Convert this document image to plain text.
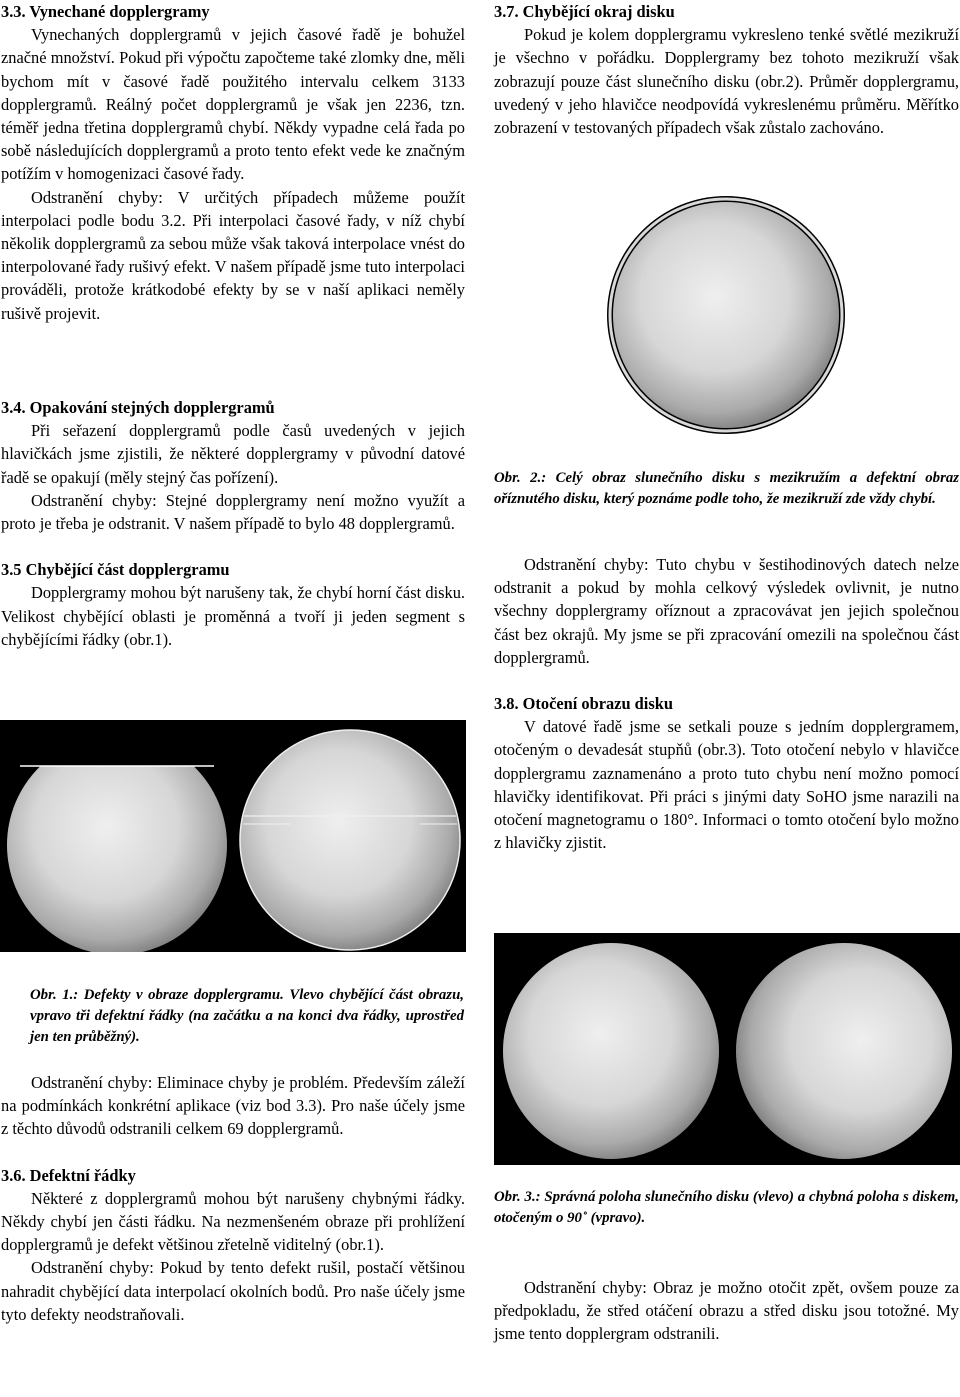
3.3. Vynechané dopplergramy

Vynechaných dopplergramů v jejich časové řadě je bohužel značné množství. Pokud při výpočtu započteme také zlomky dne, měli bychom mít v časové řadě použitého intervalu celkem 3133 dopplergramů. Reálný počet dopplergramů je však jen 2236, tzn. téměř jedna třetina dopplergramů chybí. Někdy vypadne celá řada po sobě následujících dopplergramů a proto tento efekt vede ke značným potížím v homogenizaci časové řady.

Odstranění chyby: V určitých případech můžeme použít interpolaci podle bodu 3.2. Při interpolaci časové řady, v níž chybí několik dopplergramů za sebou může však taková interpolace vnést do interpolované řady rušivý efekt. V našem případě jsme tuto interpolaci prováděli, protože krátkodobé efekty by se v naší aplikaci neměly rušivě projevit.

3.4. Opakování stejných dopplergramů

Při seřazení dopplergramů podle časů uvedených v jejich hlavičkách jsme zjistili, že některé dopplergramy v původní datové řadě se opakují (měly stejný čas pořízení).

Odstranění chyby: Stejné dopplergramy není možno využít a proto je třeba je odstranit. V našem případě to bylo 48 dopplergramů.

3.5 Chybějící část dopplergramu

Dopplergramy mohou být narušeny tak, že chybí horní část disku. Velikost chybějící oblasti je proměnná a tvoří ji jeden segment s chybějícími řádky (obr.1).

Obr. 1.: Defekty v obraze dopplergramu. Vlevo chybějící část obrazu, vpravo tři defektní řádky (na začátku a na konci dva řádky, uprostřed jen ten průběžný).

Odstranění chyby: Eliminace chyby je problém. Především záleží na podmínkách konkrétní aplikace (viz bod 3.3). Pro naše účely jsme z těchto důvodů odstranili celkem 69 dopplergramů.

3.6. Defektní řádky

Některé z dopplergramů mohou být narušeny chybnými řádky. Někdy chybí jen části řádku. Na nezmenšeném obraze při prohlížení dopplergramů je defekt většinou zřetelně viditelný (obr.1).

Odstranění chyby: Pokud by tento defekt rušil, postačí většinou nahradit chybějící data interpolací okolních bodů. Pro naše účely jsme tyto defekty neodstraňovali.

3.7. Chybějící okraj disku

Pokud je kolem dopplergramu vykresleno tenké světlé mezikruží je všechno v pořádku. Dopplergramy bez tohoto mezikruží však zobrazují pouze část slunečního disku (obr.2). Průměr dopplergramu, uvedený v jeho hlavičce neodpovídá vykreslenému průměru. Měřítko zobrazení v testovaných případech však zůstalo zachováno.

Obr. 2.: Celý obraz slunečního disku s mezikružím a defektní obraz oříznutého disku, který poznáme podle toho, že mezikruží zde vždy chybí.

Odstranění chyby: Tuto chybu v šestihodinových datech nelze odstranit a pokud by mohla celkový výsledek ovlivnit, je nutno všechny dopplergramy oříznout a zpracovávat jen jejich společnou část bez okrajů. My jsme se při zpracování omezili na společnou část dopplergramů.

3.8. Otočení obrazu disku

V datové řadě jsme se setkali pouze s jedním dopplergramem, otočeným o devadesát stupňů (obr.3). Toto otočení nebylo v hlavičce dopplergramu zaznamenáno a proto tuto chybu není možno pomocí hlavičky identifikovat. Při práci s jinými daty SoHO jsme narazili na otočení magnetogramu o 180°. Informaci o tomto otočení bylo možno z hlavičky zjistit.

Obr. 3.: Správná poloha slunečního disku (vlevo) a chybná poloha s diskem, otočeným o 90˚ (vpravo).

Odstranění chyby: Obraz je možno otočit zpět, ovšem pouze za předpokladu, že střed otáčení obrazu a střed disku jsou totožné. My jsme tento dopplergram odstranili.
